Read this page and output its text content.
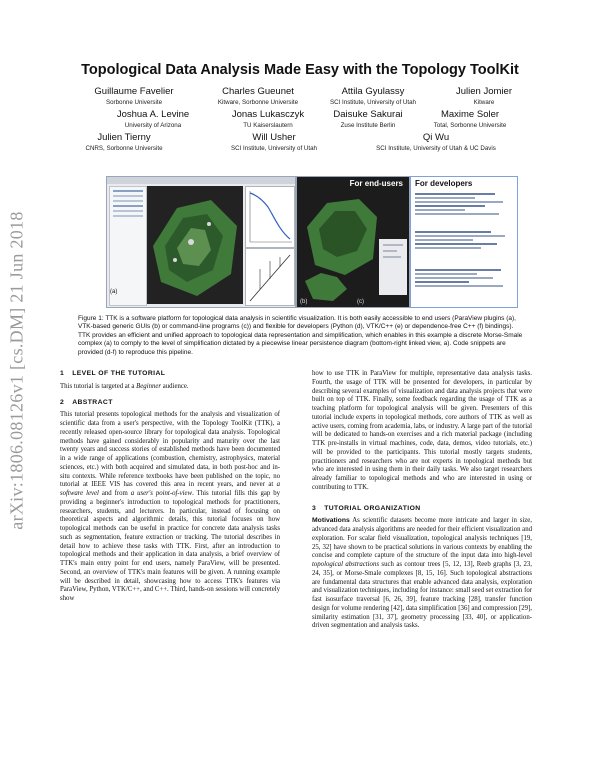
arXiv:1806.08126v1 [cs.DM] 21 Jun 2018
Topological Data Analysis Made Easy with the Topology ToolKit
Guillaume Favelier
Sorbonne Universite
Charles Gueunet
Kitware, Sorbonne Universite
Attila Gyulassy
SCI Institute, University of Utah
Julien Jomier
Kitware
Joshua A. Levine
University of Arizona
Jonas Lukasczyk
TU Kaiserslautern
Daisuke Sakurai
Zuse Institute Berlin
Maxime Soler
Total, Sorbonne Universite
Julien Tierny
CNRS, Sorbonne Universite
Will Usher
SCI Institute, University of Utah
Qi Wu
SCI Institute, University of Utah & UC Davis
(a)
For end-users
(b)	(c)
For developers
Figure 1: TTK is a software platform for topological data analysis in scientific visualization. It is both easily accessible to end users (ParaView plugins (a), VTK-based generic GUIs (b) or command-line programs (c)) and flexible for developers (Python (d), VTK/C++ (e) or dependence-free C++ (f) bindings). TTK provides an efficient and unified approach to topological data representation and simplification, which enables in this example a discrete Morse-Smale complex (a) to comply to the level of simplification dictated by a piecewise linear persistence diagram (bottom-right linked view, a). Code snippets are provided (d-f) to reproduce this pipeline.
1 LEVEL OF THE TUTORIAL

This tutorial is targeted at a Beginner audience.

2 ABSTRACT

This tutorial presents topological methods for the analysis and visualization of scientific data from a user's perspective, with the Topology ToolKit (TTK), a recently released open-source library for topological data analysis. Topological methods have gained considerably in popularity and maturity over the last twenty years and success stories of established methods have been documented in a wide range of applications (combustion, chemistry, astrophysics, material sciences, etc.) with both acquired and simulated data, in both post-hoc and in-situ contexts. While reference textbooks have been published on the topic, no tutorial at IEEE VIS has covered this area in recent years, and never at a software level and from a user's point-of-view. This tutorial fills this gap by providing a beginner's introduction to topological methods for practitioners, researchers, students, and lecturers. In particular, instead of focusing on theoretical aspects and algorithmic details, this tutorial focuses on how topological methods can be useful in practice for concrete data analysis tasks such as segmentation, feature extraction or tracking. The tutorial describes in detail how to achieve these tasks with TTK. First, after an introduction to topological methods and their application in data analysis, a brief overview of TTK's main entry point for end users, namely ParaView, will be presented. Second, an overview of TTK's main features will be given. A running example will be described in detail, showcasing how to access TTK's features via ParaView, Python, VTK/C++, and C++. Third, hands-on sessions will concretely show

how to use TTK in ParaView for multiple, representative data analysis tasks. Fourth, the usage of TTK will be presented for developers, in particular by describing several examples of visualization and data analysis projects that were built on top of TTK. Finally, some feedback regarding the usage of TTK as a teaching platform for topological analysis will be given. Presenters of this tutorial include experts in topological methods, core authors of TTK as well as active users, coming from academia, labs, or industry. A large part of the tutorial will be dedicated to hands-on exercises and a rich material package (including TTK pre-installs in virtual machines, code, data, demos, video tutorials, etc.) will be provided to the participants. This tutorial mostly targets students, practitioners and researchers who are not experts in topological methods but who are interested in using them in their daily tasks. We also target researchers already familiar to topological methods and who are interested in using or contributing to TTK.

3 TUTORIAL ORGANIZATION

Motivations As scientific datasets become more intricate and larger in size, advanced data analysis algorithms are needed for their efficient visualization and exploration. For scalar field visualization, topological analysis techniques [19, 25, 32] have shown to be practical solutions in various contexts by enabling the concise and complete capture of the structure of the input data into high-level topological abstractions such as contour trees [5, 12, 13], Reeb graphs [3, 23, 24, 35], or Morse-Smale complexes [8, 15, 16]. Such topological abstractions are fundamental data structures that enable advanced data analysis, exploration and visualization techniques, including for instance: small seed set extraction for fast isosurface traversal [6, 26, 39], feature tracking [28], transfer function design for volume rendering [42], data simplification [36] and compression [29], similarity estimation [31, 37], geometry processing [33, 40], or application-driven segmentation and analysis tasks.
